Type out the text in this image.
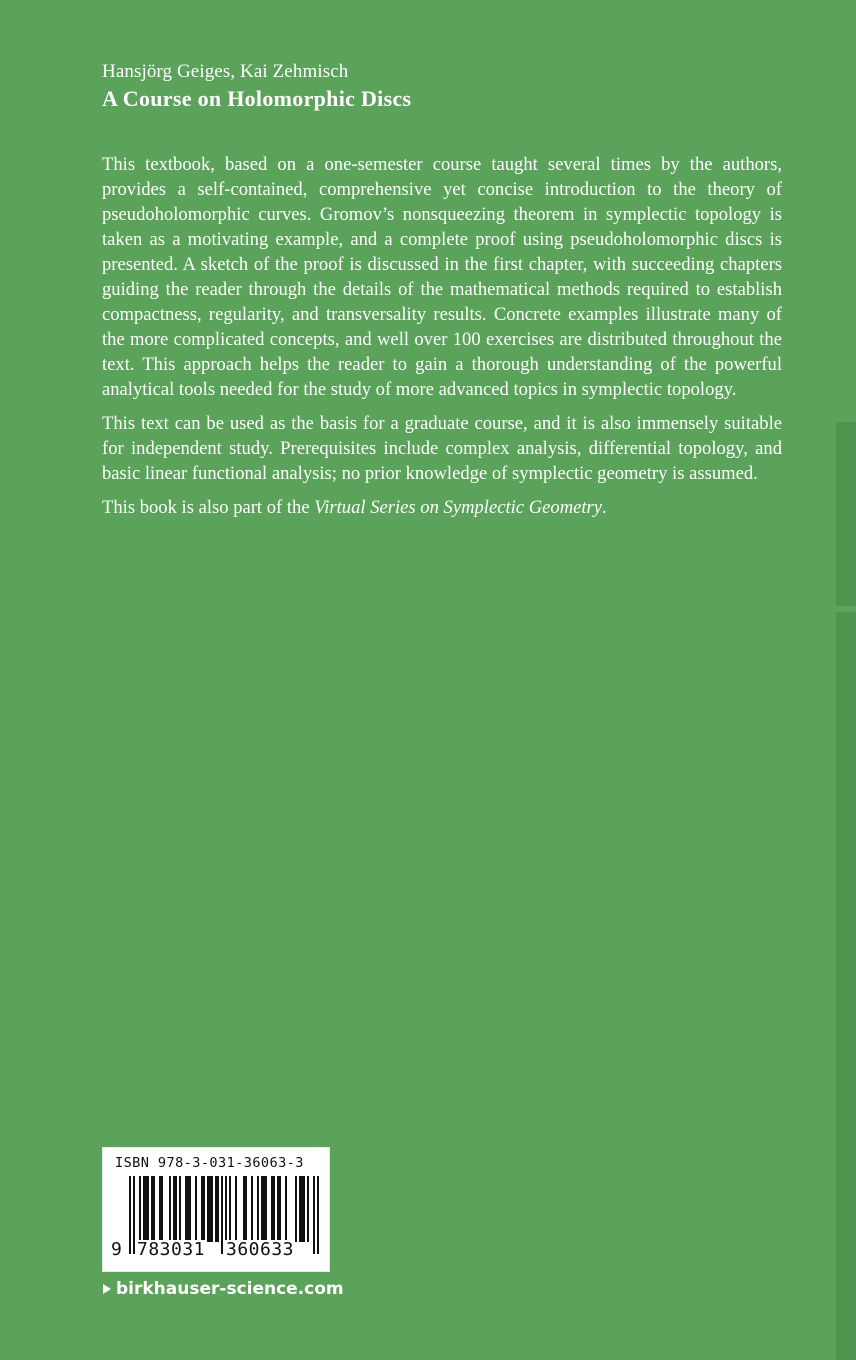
Hansjörg Geiges, Kai Zehmisch

A Course on Holomorphic Discs

This textbook, based on a one-semester course taught several times by the authors, provides a self-contained, comprehensive yet concise introduction to the theory of pseudoholomorphic curves. Gromov’s nonsqueezing theorem in symplectic topology is taken as a motivating example, and a complete proof using pseudoholomorphic discs is presented. A sketch of the proof is discussed in the first chapter, with succeeding chapters guiding the reader through the details of the mathematical methods required to establish compactness, regularity, and transversality results. Concrete examples illustrate many of the more complicated concepts, and well over 100 exercises are distributed throughout the text. This approach helps the reader to gain a thorough understanding of the powerful analytical tools needed for the study of more advanced topics in symplectic topology.

This text can be used as the basis for a graduate course, and it is also immensely suitable for independent study. Prerequisites include complex analysis, differential topology, and basic linear functional analysis; no prior knowledge of symplectic geometry is assumed.

This book is also part of the Virtual Series on Symplectic Geometry.

ISBN 978-3-031-36063-3
9 783031 360633
birkhauser-science.com
